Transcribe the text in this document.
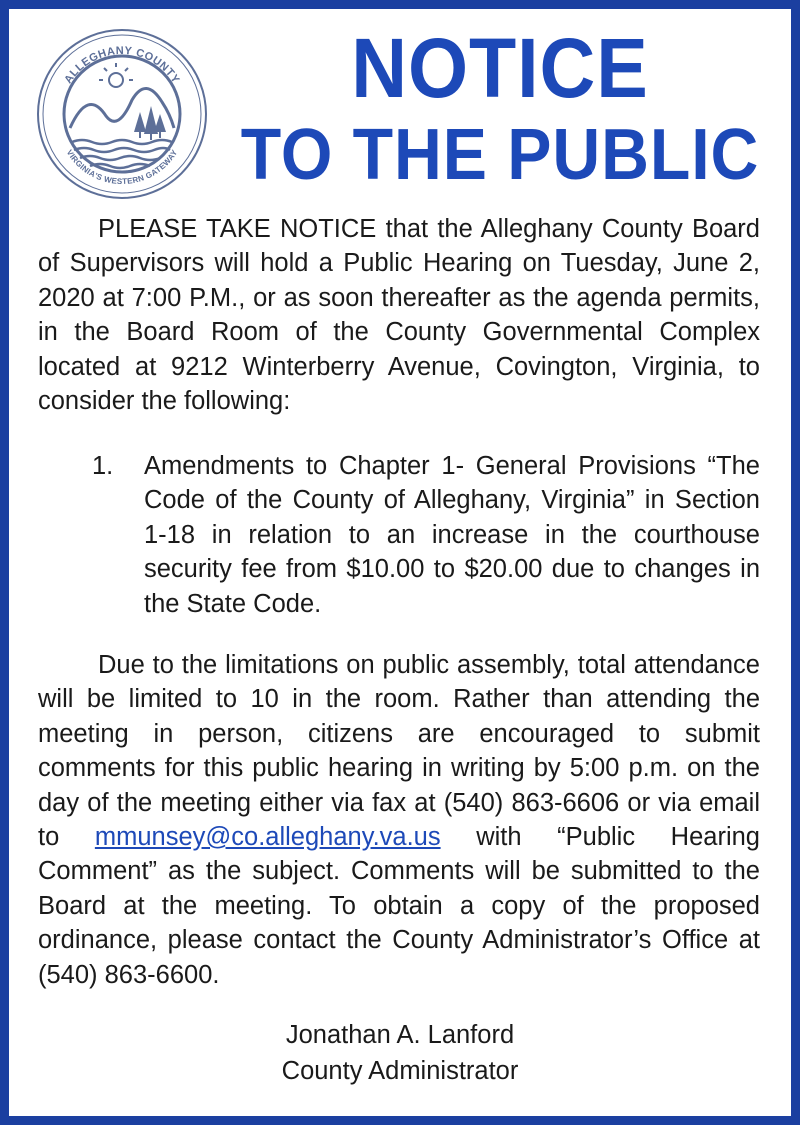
ALLEGHANY COUNTY
VIRGINIA'S WESTERN GATEWAY
NOTICE
TO THE PUBLIC

PLEASE TAKE NOTICE that the Alleghany County Board of Supervisors will hold a Public Hearing on Tuesday, June 2, 2020 at 7:00 P.M., or as soon thereafter as the agenda permits, in the Board Room of the County Governmental Complex located at 9212 Winterberry Avenue, Covington, Virginia, to consider the following:

1.	Amendments to Chapter 1- General Provisions “The Code of the County of Alleghany, Virginia” in Section 1-18 in relation to an increase in the courthouse security fee from $10.00 to $20.00 due to changes in the State Code.

Due to the limitations on public assembly, total attendance will be limited to 10 in the room. Rather than attending the meeting in person, citizens are encouraged to submit comments for this public hearing in writing by 5:00 p.m. on the day of the meeting either via fax at (540) 863-6606 or via email to mmunsey@co.alleghany.va.us with “Public Hearing Comment” as the subject. Comments will be submitted to the Board at the meeting. To obtain a copy of the proposed ordinance, please contact the County Administrator’s Office at (540) 863-6600.

Jonathan A. Lanford
County Administrator
